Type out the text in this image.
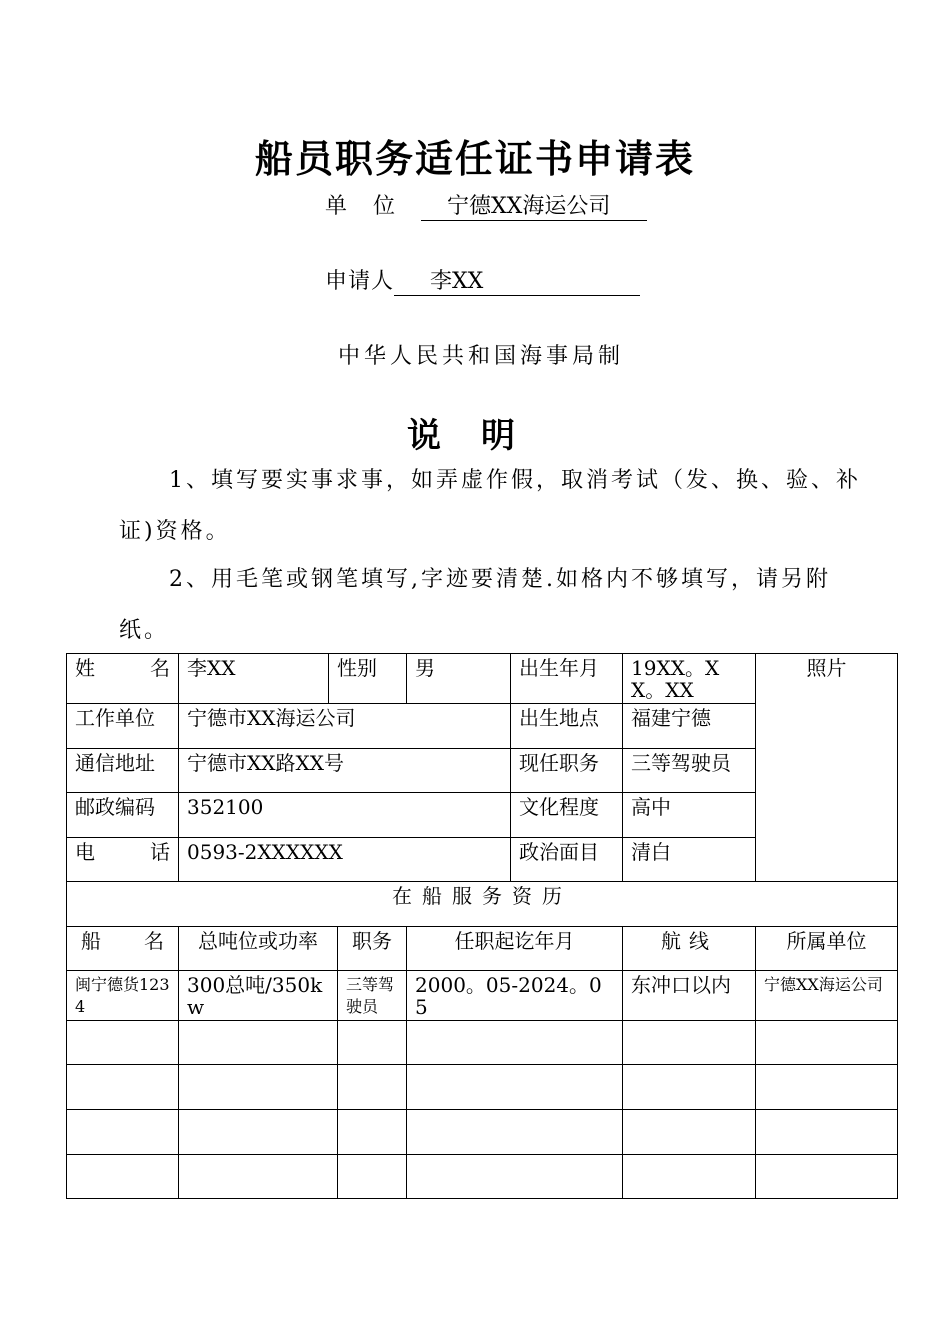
船员职务适任证书申请表
单位 宁德XX海运公司
申请人 李XX
中华人民共和国海事局制
说明
1、填写要实事求事，如弄虚作假，取消考试（发、换、验、补证)资格。
2、用毛笔或钢笔填写,字迹要清楚.如格内不够填写，请另附纸。
姓 名	李XX	性别		男	出生年月	19XX。XX。XX	照片
工作单位	宁德市XX海运公司				出生地点	福建宁德	
通信地址	宁德市XX路XX号				现任职务	三等驾驶员	
邮政编码	352100				文化程度	高中	

电 话	0593-2XXXXXX				政治面目	清白	
在船服务资历							

船 名	总吨位或功率		职务	任职起讫年月		航线	所属单位
闽宁德货1234	300总吨/350kw		三等驾驶员	2000。05-2024。05		东冲口以内	宁德XX海运公司
